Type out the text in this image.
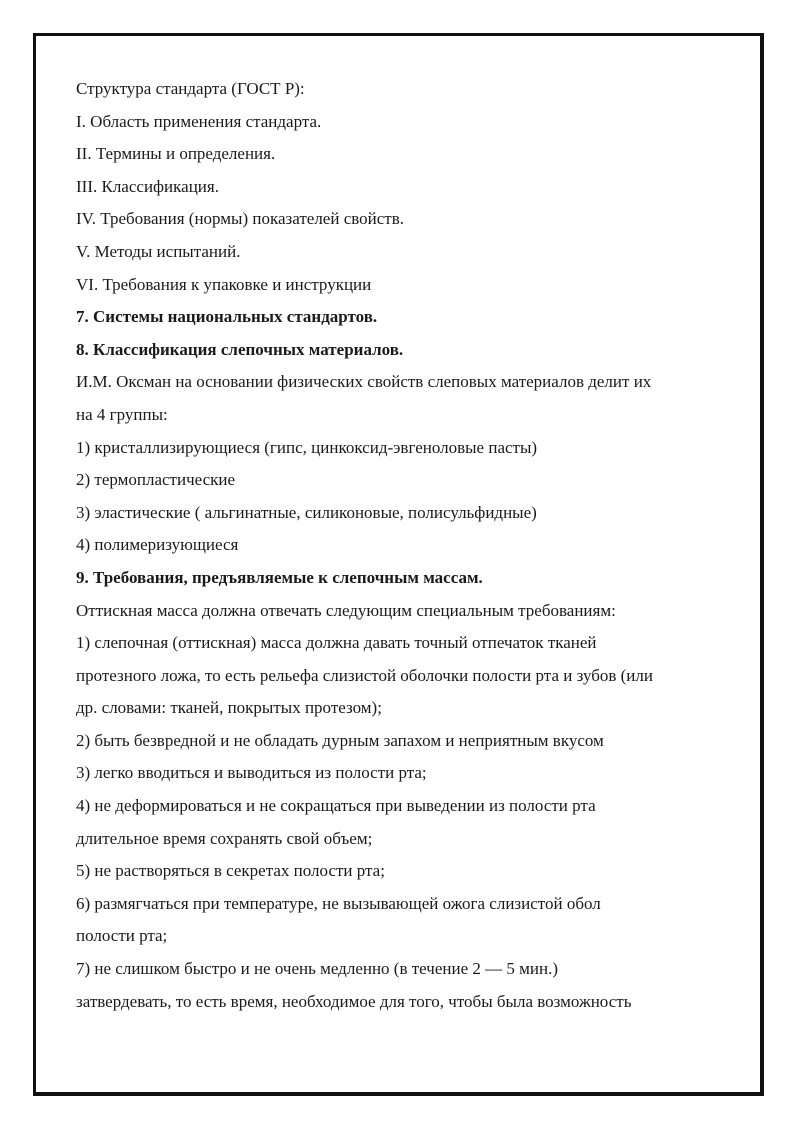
Структура стандарта (ГОСТ Р):

I. Область применения стандарта.

II. Термины и определения.

III. Классификация.

IV. Требования (нормы) показателей свойств.

V. Методы испытаний.

VI. Требования к упаковке и инструкции

7. Системы национальных стандартов.

8. Классификация слепочных материалов.

И.М. Оксман на основании физических свойств слеповых материалов делит их

на 4 группы:

1) кристаллизирующиеся (гипс, цинкоксид-эвгеноловые пасты)

2) термопластические

3) эластические ( альгинатные, силиконовые, полисульфидные)

4) полимеризующиеся

9. Требования, предъявляемые к слепочным массам.

Оттискная масса должна отвечать следующим специальным требованиям:

1) слепочная (оттискная) масса должна давать точный отпечаток тканей

протезного ложа, то есть рельефа слизистой оболочки полости рта и зубов (или

др. словами: тканей, покрытых протезом);

2) быть безвредной и не обладать дурным запахом и неприятным вкусом

3) легко вводиться и выводиться из полости рта;

4) не деформироваться и не сокращаться при выведении из полости рта

длительное время сохранять свой объем;

5) не растворяться в секретах полости рта;

6) размягчаться при температуре, не вызывающей ожога слизистой обол

полости рта;

7) не слишком быстро и не очень медленно (в течение 2 — 5 мин.)

затвердевать, то есть время, необходимое для того, чтобы была возможность
